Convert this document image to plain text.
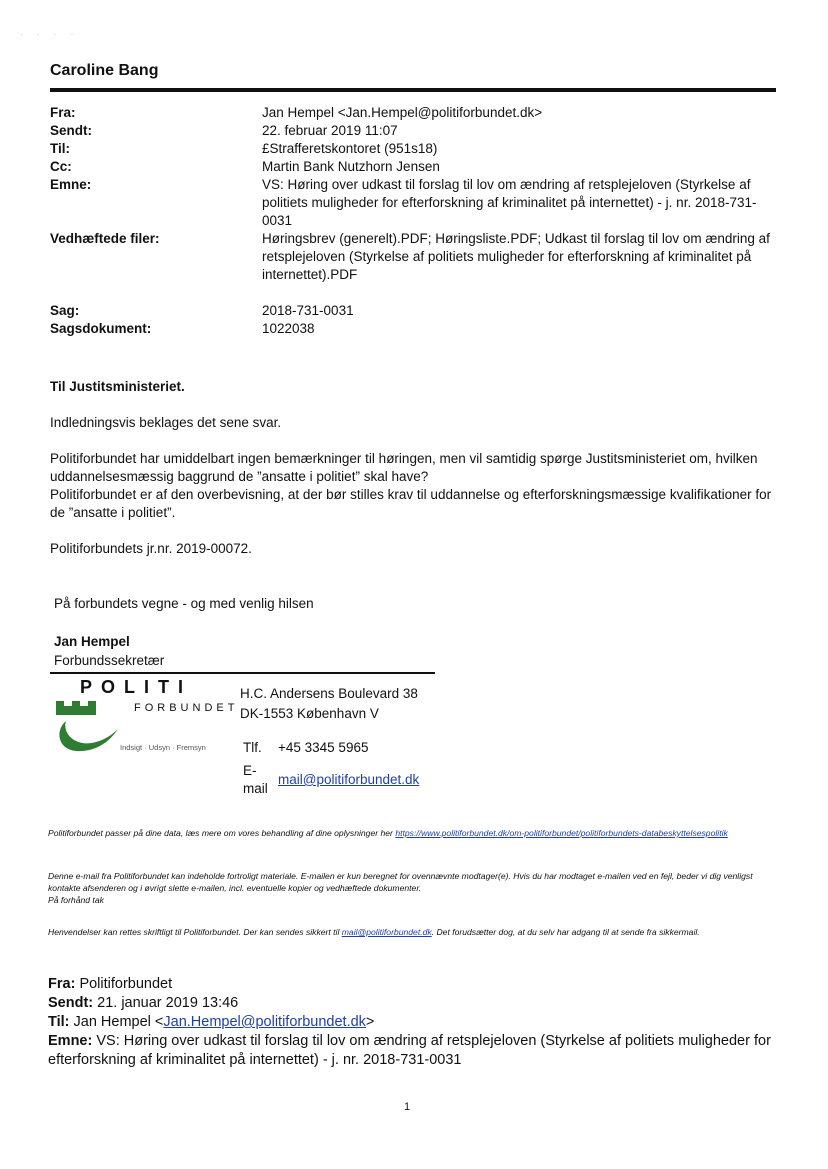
· · · ·
Caroline Bang
Fra:	Jan Hempel <Jan.Hempel@politiforbundet.dk>
Sendt:	22. februar 2019 11:07
Til:	£Strafferetskontoret (951s18)
Cc:	Martin Bank Nutzhorn Jensen
Emne:	VS: Høring over udkast til forslag til lov om ændring af retsplejeloven (Styrkelse af politiets muligheder for efterforskning af kriminalitet på internettet) - j. nr. 2018-731-0031
Vedhæftede filer:	Høringsbrev (generelt).PDF; Høringsliste.PDF; Udkast til forslag til lov om ændring af retsplejeloven (Styrkelse af politiets muligheder for efterforskning af kriminalitet på internettet).PDF
Sag:	2018-731-0031
Sagsdokument:	1022038

Til Justitsministeriet.

Indledningsvis beklages det sene svar.

Politiforbundet har umiddelbart ingen bemærkninger til høringen, men vil samtidig spørge Justitsministeriet om, hvilken uddannelsesmæssig baggrund de ”ansatte i politiet” skal have?

Politiforbundet er af den overbevisning, at der bør stilles krav til uddannelse og efterforskningsmæssige kvalifikationer for de ”ansatte i politiet”.

Politiforbundets jr.nr. 2019-00072.

På forbundets vegne - og med venlig hilsen
Jan Hempel
Forbundssekretær
POLITI
FORBUNDET
Indsigt · Udsyn · Fremsyn
H.C. Andersens Boulevard 38
DK-1553 København V
Tlf. +45 3345 5965
E-
mail
mail@politiforbundet.dk

Politiforbundet passer på dine data, læs mere om vores behandling af dine oplysninger her https://www.politiforbundet.dk/om-politiforbundet/politiforbundets-databeskyttelsespolitik

Denne e-mail fra Politiforbundet kan indeholde fortroligt materiale. E-mailen er kun beregnet for ovennævnte modtager(e). Hvis du har modtaget e-mailen ved en fejl, beder vi dig venligst kontakte afsenderen og i øvrigt slette e-mailen, incl. eventuelle kopier og vedhæftede dokumenter.

På forhånd tak

Henvendelser kan rettes skriftligt til Politiforbundet. Der kan sendes sikkert til mail@politiforbundet.dk. Det forudsætter dog, at du selv har adgang til at sende fra sikkermail.

Fra: Politiforbundet
Sendt: 21. januar 2019 13:46
Til: Jan Hempel <Jan.Hempel@politiforbundet.dk>
Emne: VS: Høring over udkast til forslag til lov om ændring af retsplejeloven (Styrkelse af politiets muligheder for efterforskning af kriminalitet på internettet) - j. nr. 2018-731-0031
1
